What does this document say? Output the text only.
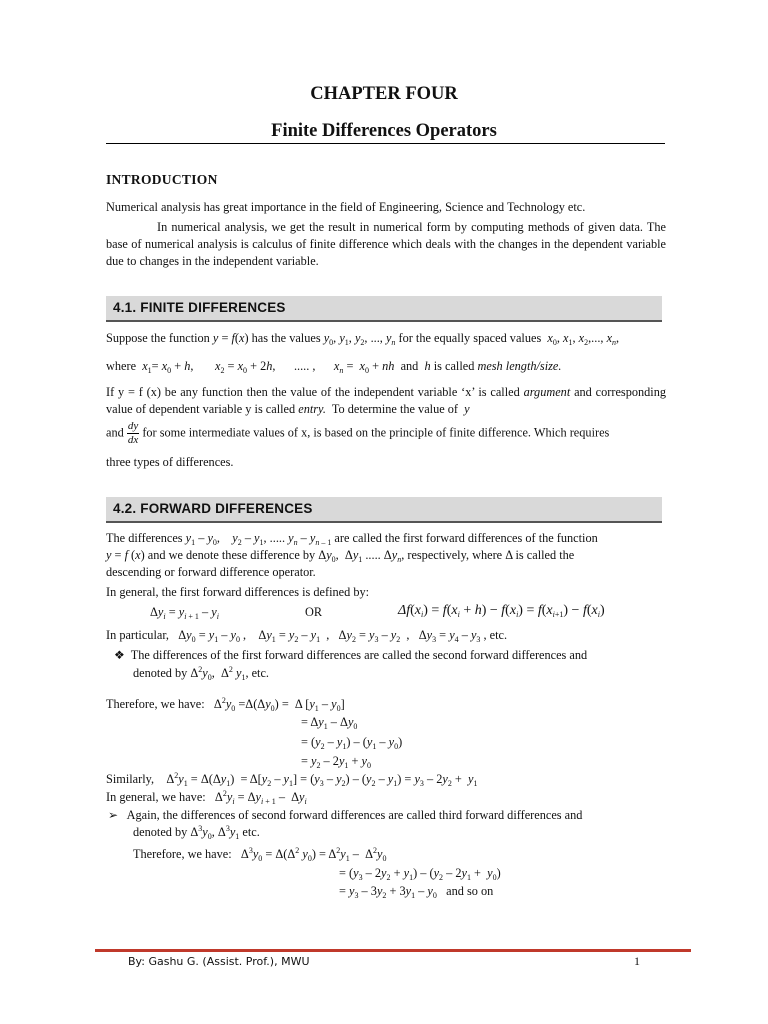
CHAPTER FOUR
Finite Differences Operators
INTRODUCTION
Numerical analysis has great importance in the field of Engineering, Science and Technology etc.
In numerical analysis, we get the result in numerical form by computing methods of given data. The base of numerical analysis is calculus of finite difference which deals with the changes in the dependent variable due to changes in the independent variable.
4.1. FINITE DIFFERENCES
Suppose the function y = f(x) has the values $y_0$, $y_1$, $y_2$, ..., $y_n$ for the equally spaced values $x_0$, $x_1$, $x_2$,..., $x_n$,
where $x_1= x_0 + h$,       $x_2 = x_0 + 2h$,      ..... ,      $x_n = x_0$ + nh and h is called mesh length/size.
If y = f (x) be any function then the value of the independent variable ‘x’ is called argument and corresponding value of dependent variable y is called entry. To determine the value of y
and $\frac{dy}{dx}$ for some intermediate values of x, is based on the principle of finite difference. Which requires
three types of differences.
4.2. FORWARD DIFFERENCES
The differences $y_1 - y_0$,    $y_2 - y_1$, ..... $y_n - y_{n - 1}$ are called the first forward differences of the function
y = f (x) and we denote these difference by $\Delta y_0$,  $\Delta y_1$ ..... $\Delta y_n$, respectively, where Δ is called the
descending or forward difference operator.
In general, the first forward differences is defined by:
$\Delta y_i = y_{i + 1} - y_i$	OR	$\Delta f(x_i) = f(x_i + h) - f(x_i) = f(x_{i+1}) - f(x_i)$
In particular,   $\Delta y_0 = y_1 - y_0$ ,    $\Delta y_1 = y_2 - y_1$  ,   $\Delta y_2 = y_3 - y_2$  ,   $\Delta y_3 = y_4 - y_3$ , etc.
❖ The differences of the first forward differences are called the second forward differences and
denoted by $\Delta^2y_0$,  $\Delta^2$ $y_1$, etc.
Therefore, we have:   $\Delta^2y_0 =\Delta(\Delta y_0) = \Delta$ $[y_1 - y_0]$
= $\Delta y_1 - \Delta y_0$
= $(y_2 - y_1) - (y_1 - y_0)$
= $y_2 - 2y_1 + y_0$
Similarly,    $\Delta^2y_1 = \Delta(\Delta y_1) = \Delta[y_2 - y_1] = (y_3 - y_2) - (y_2 - y_1) = y_3 - 2y_2 + y_1$
In general, we have:   $\Delta^2y_i = \Delta y_{i + 1} - \Delta y_i$
➢ Again, the differences of second forward differences are called third forward differences and
denoted by $\Delta^3y_0$, $\Delta^3y_1$ etc.
Therefore, we have:   $\Delta^3y_0 = \Delta(\Delta^2$ $y_0) = \Delta^2y_1 - \Delta^2y_0$
= $(y_3 - 2y_2 + y_1) - (y_2 - 2y_1 + y_0)$
= $y_3 - 3y_2 + 3y_1 - y_0$ and so on
By: Gashu G. (Assist. Prof.), MWU	1
